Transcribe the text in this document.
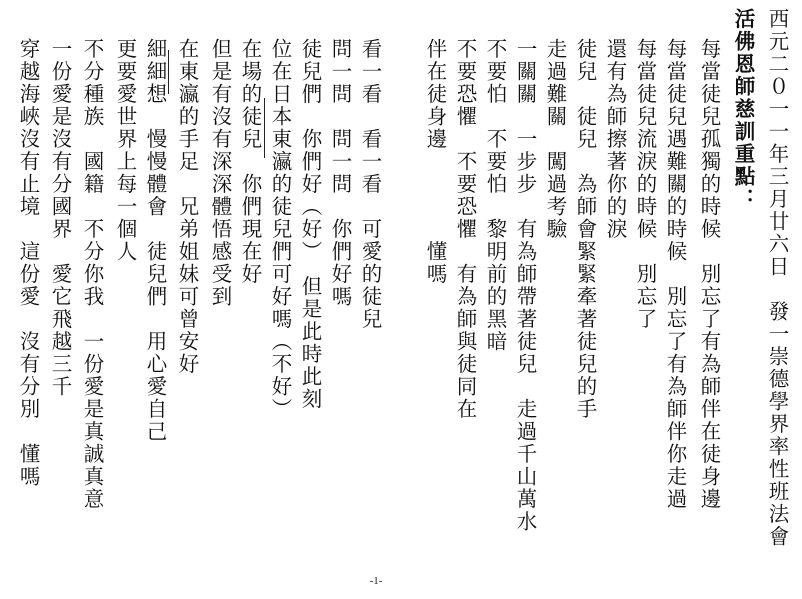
西元二０一一年三月廿六日　發一崇德學界率性班法會
活佛恩師慈訓重點：
每當徒兒孤獨的時候　別忘了有為師伴在徒身邊
每當徒兒遇難關的時候　別忘了有為師伴你走過
每當徒兒流淚的時候　別忘了
還有為師擦著你的淚
徒兒　徒兒　為師會緊緊牽著徒兒的手
走過難關　闖過考驗
一關關　一步步　有為師帶著徒兒　走過千山萬水
不要怕　不要怕　黎明前的黑暗
不要恐懼　不要恐懼　有為師與徒同在
伴在徒身邊　　　　懂嗎
看一看　看一看　可愛的徒兒
問一問　問一問　你們好嗎
徒兒們　你們好（好）　但是此時此刻
位在日本東瀛的徒兒們可好嗎（不好）
在場的徒兒　你們現在好
但是有沒有深深體悟感受到
在東瀛的手足　兄弟姐妹可曾安好
細細想　慢慢體會　徒兒們　用心愛自己
更要愛世界上每一個人
不分種族　國籍　不分你我　一份愛是真誠真意
一份愛是沒有分國界　愛它飛越三千
穿越海峽沒有止境　這份愛　沒有分別　懂嗎
-1-
